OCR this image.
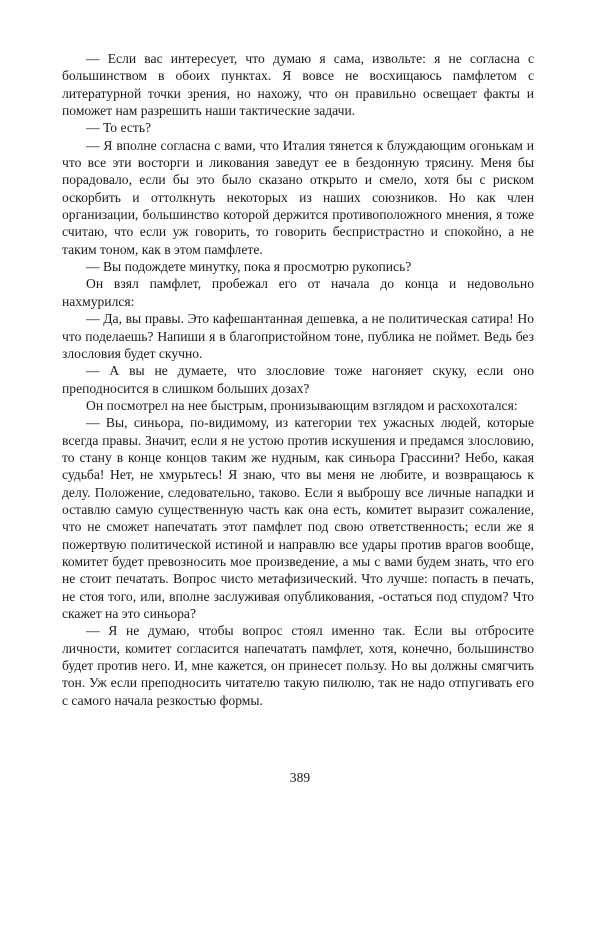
— Если вас интересует, что думаю я сама, извольте: я не согласна с большинством в обоих пунктах. Я вовсе не восхищаюсь памфлетом с литературной точки зрения, но нахожу, что он правильно освещает факты и поможет нам разрешить наши тактические задачи.

— То есть?

— Я вполне согласна с вами, что Италия тянется к блуждающим огонькам и что все эти восторги и ликования заведут ее в бездонную трясину. Меня бы порадовало, если бы это было сказано открыто и смело, хотя бы с риском оскорбить и оттолкнуть некоторых из наших союзников. Но как член организации, большинство которой держится противоположного мнения, я тоже считаю, что если уж говорить, то говорить беспристрастно и спокойно, а не таким тоном, как в этом памфлете.

— Вы подождете минутку, пока я просмотрю рукопись?

Он взял памфлет, пробежал его от начала до конца и недовольно нахмурился:

— Да, вы правы. Это кафешантанная дешевка, а не политическая сатира! Но что поделаешь? Напиши я в благопристойном тоне, публика не поймет. Ведь без злословия будет скучно.

— А вы не думаете, что злословие тоже нагоняет скуку, если оно преподносится в слишком больших дозах?

Он посмотрел на нее быстрым, пронизывающим взглядом и расхохотался:

— Вы, синьора, по-видимому, из категории тех ужасных людей, которые всегда правы. Значит, если я не устою против искушения и предамся злословию, то стану в конце концов таким же нудным, как синьора Грассини? Небо, какая судьба! Нет, не хмурьтесь! Я знаю, что вы меня не любите, и возвращаюсь к делу. Положение, следовательно, таково. Если я выброшу все личные нападки и оставлю самую существенную часть как она есть, комитет выразит сожаление, что не сможет напечатать этот памфлет под свою ответственность; если же я пожертвую политической истиной и направлю все удары против врагов вообще, комитет будет превозносить мое произведение, а мы с вами будем знать, что его не стоит печатать. Вопрос чисто метафизический. Что лучше: попасть в печать, не стоя того, или, вполне заслуживая опубликования, -остаться под спудом? Что скажет на это синьора?

— Я не думаю, чтобы вопрос стоял именно так. Если вы отбросите личности, комитет согласится напечатать памфлет, хотя, конечно, большинство будет против него. И, мне кажется, он принесет пользу. Но вы должны смягчить тон. Уж если преподносить читателю такую пилюлю, так не надо отпугивать его с самого начала резкостью формы.

389
